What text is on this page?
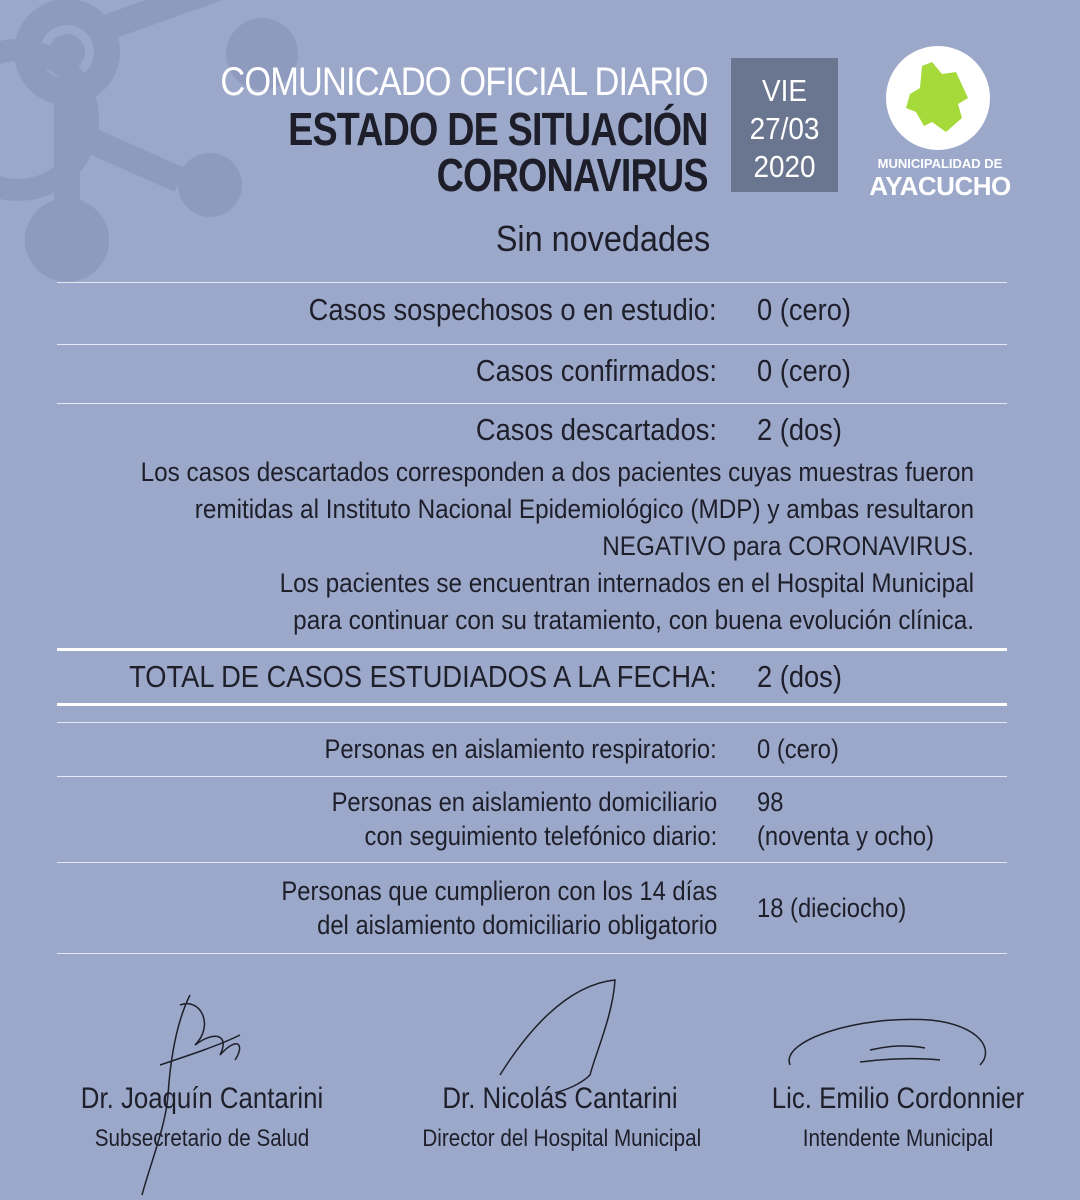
COMUNICADO OFICIAL DIARIO
ESTADO DE SITUACIÓN
CORONAVIRUS
VIE
27/03
2020	MUNICIPALIDAD DE
AYACUCHO
Sin novedades
Casos sospechosos o en estudio: 0 (cero)
Casos confirmados: 0 (cero)
Casos descartados: 2 (dos)
Los casos descartados corresponden a dos pacientes cuyas muestras fueron
remitidas al Instituto Nacional Epidemiológico (MDP) y ambas resultaron
NEGATIVO para CORONAVIRUS.
Los pacientes se encuentran internados en el Hospital Municipal
para continuar con su tratamiento, con buena evolución clínica.
TOTAL DE CASOS ESTUDIADOS A LA FECHA: 2 (dos)
Personas en aislamiento respiratorio: 0 (cero)
Personas en aislamiento domiciliario
con seguimiento telefónico diario:
98
(noventa y ocho)
Personas que cumplieron con los 14 días
del aislamiento domiciliario obligatorio
18 (dieciocho)
Dr. Joaquín Cantarini
Subsecretario de Salud
Dr. Nicolás Cantarini
Director del Hospital Municipal
Lic. Emilio Cordonnier
Intendente Municipal
